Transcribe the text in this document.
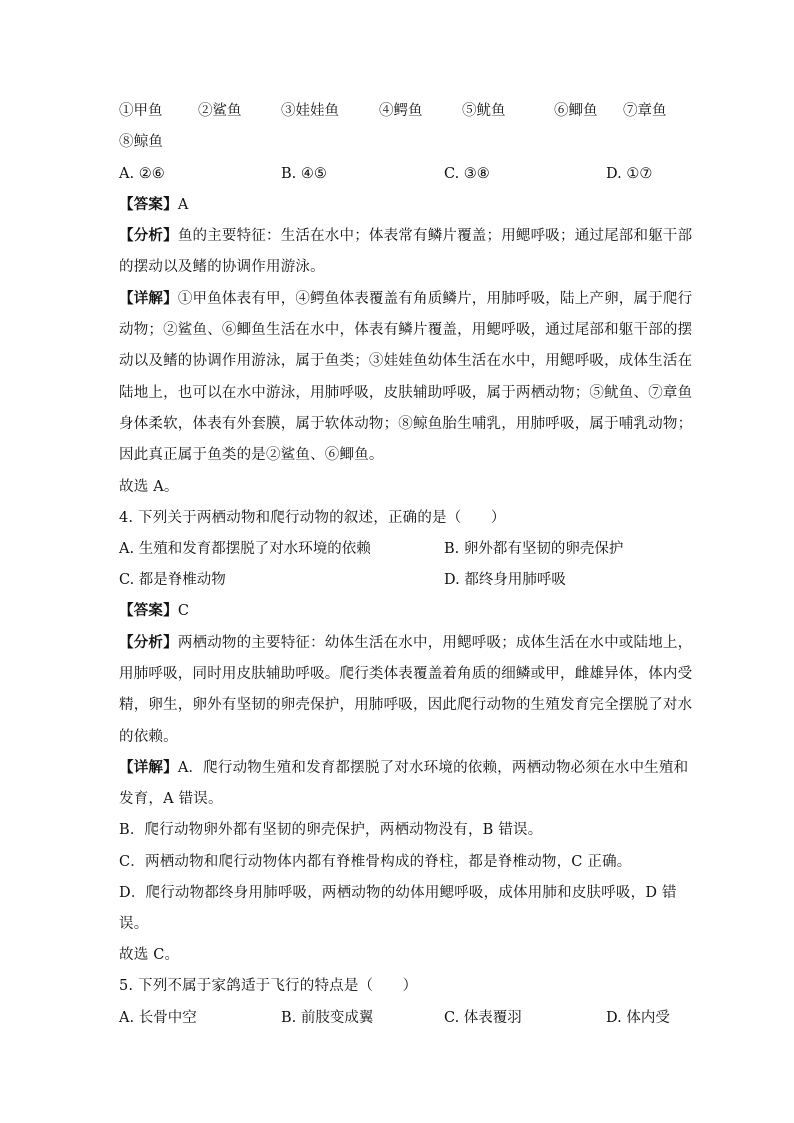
①甲鱼 ②鲨鱼	③娃娃鱼	④鳄鱼	⑤鱿鱼	⑥鲫鱼 ⑦章鱼
⑧鲸鱼
A. ②⑥	B. ④⑤	C. ③⑧	D. ①⑦
【答案】A
【分析】鱼的主要特征：生活在水中；体表常有鳞片覆盖；用鳃呼吸；通过尾部和躯干部
的摆动以及鳍的协调作用游泳。
【详解】①甲鱼体表有甲，④鳄鱼体表覆盖有角质鳞片，用肺呼吸，陆上产卵，属于爬行
动物；②鲨鱼、⑥鲫鱼生活在水中，体表有鳞片覆盖，用鳃呼吸，通过尾部和躯干部的摆
动以及鳍的协调作用游泳，属于鱼类；③娃娃鱼幼体生活在水中，用鳃呼吸，成体生活在
陆地上，也可以在水中游泳，用肺呼吸，皮肤辅助呼吸，属于两栖动物；⑤鱿鱼、⑦章鱼
身体柔软，体表有外套膜，属于软体动物；⑧鲸鱼胎生哺乳，用肺呼吸，属于哺乳动物；
因此真正属于鱼类的是②鲨鱼、⑥鲫鱼。
故选 A。
4. 下列关于两栖动物和爬行动物的叙述，正确的是（　　）
A. 生殖和发育都摆脱了对水环境的依赖	B. 卵外都有坚韧的卵壳保护
C. 都是脊椎动物	D. 都终身用肺呼吸
【答案】C
【分析】两栖动物的主要特征：幼体生活在水中，用鳃呼吸；成体生活在水中或陆地上，
用肺呼吸，同时用皮肤辅助呼吸。爬行类体表覆盖着角质的细鳞或甲，雌雄异体，体内受
精，卵生，卵外有坚韧的卵壳保护，用肺呼吸，因此爬行动物的生殖发育完全摆脱了对水
的依赖。
【详解】A．爬行动物生殖和发育都摆脱了对水环境的依赖，两栖动物必须在水中生殖和
发育，A 错误。
B．爬行动物卵外都有坚韧的卵壳保护，两栖动物没有，B 错误。
C．两栖动物和爬行动物体内都有脊椎骨构成的脊柱，都是脊椎动物，C 正确。
D．爬行动物都终身用肺呼吸，两栖动物的幼体用鳃呼吸，成体用肺和皮肤呼吸，D 错
误。
故选 C。
5. 下列不属于家鸽适于飞行的特点是（　　）
A. 长骨中空	B. 前肢变成翼	C. 体表覆羽	D. 体内受
